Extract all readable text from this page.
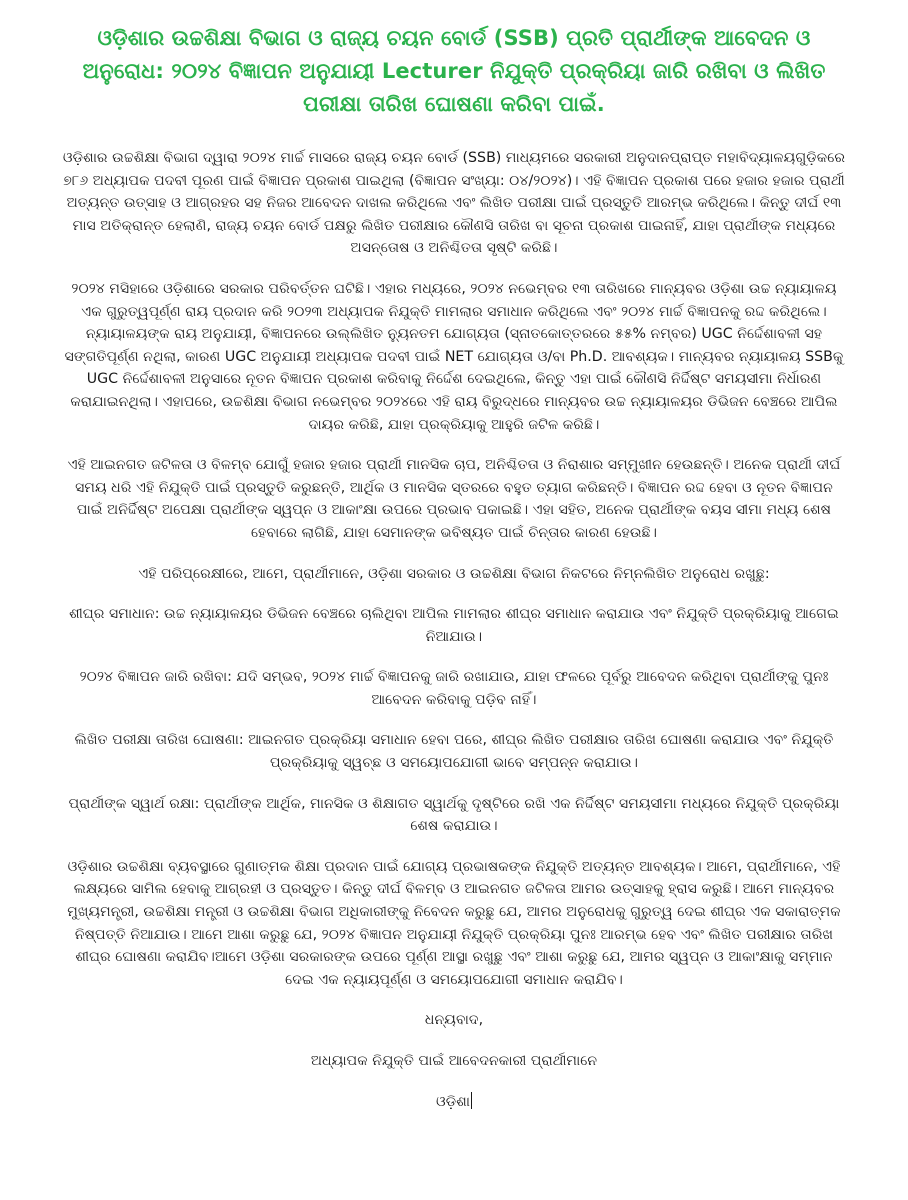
ଓଡ଼ିଶାର ଉଚ୍ଚଶିକ୍ଷା ବିଭାଗ ଓ ରାଜ୍ୟ ଚୟନ ବୋର୍ଡ (SSB) ପ୍ରତି ପ୍ରାର୍ଥୀଙ୍କ ଆବେଦନ ଓ ଅନୁରୋଧ: ୨୦୨୪ ବିଜ୍ଞାପନ ଅନୁଯାୟୀ Lecturer ନିଯୁକ୍ତି ପ୍ରକ୍ରିୟା ଜାରି ରଖିବା ଓ ଲିଖିତ ପରୀକ୍ଷା ତାରିଖ ଘୋଷଣା କରିବା ପାଇଁ.

ଓଡ଼ିଶାର ଉଚ୍ଚଶିକ୍ଷା ବିଭାଗ ଦ୍ୱାରା ୨୦୨୪ ମାର୍ଚ୍ଚ ମାସରେ ରାଜ୍ୟ ଚୟନ ବୋର୍ଡ (SSB) ମାଧ୍ୟମରେ ସରକାରୀ ଅନୁଦାନପ୍ରାପ୍ତ ମହାବିଦ୍ୟାଳୟଗୁଡ଼ିକରେ ୭୮୬ ଅଧ୍ୟାପକ ପଦବୀ ପୂରଣ ପାଇଁ ବିଜ୍ଞାପନ ପ୍ରକାଶ ପାଇଥିଲା (ବିଜ୍ଞାପନ ସଂଖ୍ୟା: ୦୪/୨୦୨୪)। ଏହି ବିଜ୍ଞାପନ ପ୍ରକାଶ ପରେ ହଜାର ହଜାର ପ୍ରାର୍ଥୀ ଅତ୍ୟନ୍ତ ଉତ୍ସାହ ଓ ଆଗ୍ରହର ସହ ନିଜର ଆବେଦନ ଦାଖଲ କରିଥିଲେ ଏବଂ ଲିଖିତ ପରୀକ୍ଷା ପାଇଁ ପ୍ରସ୍ତୁତି ଆରମ୍ଭ କରିଥିଲେ। କିନ୍ତୁ ଦୀର୍ଘ ୧୩ ମାସ ଅତିକ୍ରାନ୍ତ ହେଲାଣି, ରାଜ୍ୟ ଚୟନ ବୋର୍ଡ ପକ୍ଷରୁ ଲିଖିତ ପରୀକ୍ଷାର କୌଣସି ତାରିଖ ବା ସୂଚନା ପ୍ରକାଶ ପାଇନାହିଁ, ଯାହା ପ୍ରାର୍ଥୀଙ୍କ ମଧ୍ୟରେ ଅସନ୍ତୋଷ ଓ ଅନିଶ୍ଚିତତା ସୃଷ୍ଟି କରିଛି।

୨୦୨୪ ମସିହାରେ ଓଡ଼ିଶାରେ ସରକାର ପରିବର୍ତ୍ତନ ଘଟିଛି। ଏହାର ମଧ୍ୟରେ, ୨୦୨୪ ନଭେମ୍ବର ୧୩ ତାରିଖରେ ମାନ୍ୟବର ଓଡ଼ିଶା ଉଚ୍ଚ ନ୍ୟାୟାଳୟ ଏକ ଗୁରୁତ୍ୱପୂର୍ଣ୍ଣ ରାୟ ପ୍ରଦାନ କରି ୨୦୨୩ ଅଧ୍ୟାପକ ନିଯୁକ୍ତି ମାମଲାର ସମାଧାନ କରିଥିଲେ ଏବଂ ୨୦୨୪ ମାର୍ଚ୍ଚ ବିଜ୍ଞାପନକୁ ରଦ୍ଦ କରିଥିଲେ। ନ୍ୟାୟାଳୟଙ୍କ ରାୟ ଅନୁଯାୟୀ, ବିଜ୍ଞାପନରେ ଉଲ୍ଲିଖିତ ନ୍ୟୁନତମ ଯୋଗ୍ୟତା (ସ୍ନାତକୋତ୍ତରରେ ୫୫% ନମ୍ବର) UGC ନିର୍ଦ୍ଦେଶାବଳୀ ସହ ସଙ୍ଗତିପୂର୍ଣ୍ଣ ନଥିଲା, କାରଣ UGC ଅନୁଯାୟୀ ଅଧ୍ୟାପକ ପଦବୀ ପାଇଁ NET ଯୋଗ୍ୟତା ଓ/ବା Ph.D. ଆବଶ୍ୟକ। ମାନ୍ୟବର ନ୍ୟାୟାଳୟ SSBକୁ UGC ନିର୍ଦ୍ଦେଶାବଳୀ ଅନୁସାରେ ନୂତନ ବିଜ୍ଞାପନ ପ୍ରକାଶ କରିବାକୁ ନିର୍ଦ୍ଦେଶ ଦେଇଥିଲେ, କିନ୍ତୁ ଏହା ପାଇଁ କୌଣସି ନିର୍ଦ୍ଦିଷ୍ଟ ସମୟସୀମା ନିର୍ଧାରଣ କରାଯାଇନଥିଲା। ଏହାପରେ, ଉଚ୍ଚଶିକ୍ଷା ବିଭାଗ ନଭେମ୍ବର ୨୦୨୪ରେ ଏହି ରାୟ ବିରୁଦ୍ଧରେ ମାନ୍ୟବର ଉଚ୍ଚ ନ୍ୟାୟାଳୟର ଡିଭିଜନ ବେଞ୍ଚରେ ଆପିଲ ଦାୟର କରିଛି, ଯାହା ପ୍ରକ୍ରିୟାକୁ ଆହୁରି ଜଟିଳ କରିଛି।

ଏହି ଆଇନଗତ ଜଟିଳତା ଓ ବିଳମ୍ବ ଯୋଗୁଁ ହଜାର ହଜାର ପ୍ରାର୍ଥୀ ମାନସିକ ଚାପ, ଅନିଶ୍ଚିତତା ଓ ନିରାଶାର ସମ୍ମୁଖୀନ ହେଉଛନ୍ତି। ଅନେକ ପ୍ରାର୍ଥୀ ଦୀର୍ଘ ସମୟ ଧରି ଏହି ନିଯୁକ୍ତି ପାଇଁ ପ୍ରସ୍ତୁତି କରୁଛନ୍ତି, ଆର୍ଥିକ ଓ ମାନସିକ ସ୍ତରରେ ବହୁତ ତ୍ୟାଗ କରିଛନ୍ତି। ବିଜ୍ଞାପନ ରଦ୍ଦ ହେବା ଓ ନୂତନ ବିଜ୍ଞାପନ ପାଇଁ ଅନିର୍ଦ୍ଦିଷ୍ଟ ଅପେକ୍ଷା ପ୍ରାର୍ଥୀଙ୍କ ସ୍ୱପ୍ନ ଓ ଆକାଂକ୍ଷା ଉପରେ ପ୍ରଭାବ ପକାଇଛି। ଏହା ସହିତ, ଅନେକ ପ୍ରାର୍ଥୀଙ୍କ ବୟସ ସୀମା ମଧ୍ୟ ଶେଷ ହେବାରେ ଲାଗିଛି, ଯାହା ସେମାନଙ୍କ ଭବିଷ୍ୟତ ପାଇଁ ଚିନ୍ତାର କାରଣ ହେଉଛି।

ଏହି ପରିପ୍ରେକ୍ଷୀରେ, ଆମେ, ପ୍ରାର୍ଥୀମାନେ, ଓଡ଼ିଶା ସରକାର ଓ ଉଚ୍ଚଶିକ୍ଷା ବିଭାଗ ନିକଟରେ ନିମ୍ନଲିଖିତ ଅନୁରୋଧ ରଖୁଛୁ:

ଶୀଘ୍ର ସମାଧାନ: ଉଚ୍ଚ ନ୍ୟାୟାଳୟର ଡିଭିଜନ ବେଞ୍ଚରେ ଚାଲିଥିବା ଆପିଲ ମାମଲାର ଶୀଘ୍ର ସମାଧାନ କରାଯାଉ ଏବଂ ନିଯୁକ୍ତି ପ୍ରକ୍ରିୟାକୁ ଆଗେଇ ନିଆଯାଉ।

୨୦୨୪ ବିଜ୍ଞାପନ ଜାରି ରଖିବା: ଯଦି ସମ୍ଭବ, ୨୦୨୪ ମାର୍ଚ୍ଚ ବିଜ୍ଞାପନକୁ ଜାରି ରଖାଯାଉ, ଯାହା ଫଳରେ ପୂର୍ବରୁ ଆବେଦନ କରିଥିବା ପ୍ରାର୍ଥୀଙ୍କୁ ପୁନଃ ଆବେଦନ କରିବାକୁ ପଡ଼ିବ ନାହିଁ।

ଲିଖିତ ପରୀକ୍ଷା ତାରିଖ ଘୋଷଣା: ଆଇନଗତ ପ୍ରକ୍ରିୟା ସମାଧାନ ହେବା ପରେ, ଶୀଘ୍ର ଲିଖିତ ପରୀକ୍ଷାର ତାରିଖ ଘୋଷଣା କରାଯାଉ ଏବଂ ନିଯୁକ୍ତି ପ୍ରକ୍ରିୟାକୁ ସ୍ୱଚ୍ଛ ଓ ସମୟୋପଯୋଗୀ ଭାବେ ସମ୍ପନ୍ନ କରାଯାଉ।

ପ୍ରାର୍ଥୀଙ୍କ ସ୍ୱାର୍ଥ ରକ୍ଷା: ପ୍ରାର୍ଥୀଙ୍କ ଆର୍ଥିକ, ମାନସିକ ଓ ଶିକ୍ଷାଗତ ସ୍ୱାର୍ଥକୁ ଦୃଷ୍ଟିରେ ରଖି ଏକ ନିର୍ଦ୍ଦିଷ୍ଟ ସମୟସୀମା ମଧ୍ୟରେ ନିଯୁକ୍ତି ପ୍ରକ୍ରିୟା ଶେଷ କରାଯାଉ।

ଓଡ଼ିଶାର ଉଚ୍ଚଶିକ୍ଷା ବ୍ୟବସ୍ଥାରେ ଗୁଣାତ୍ମକ ଶିକ୍ଷା ପ୍ରଦାନ ପାଇଁ ଯୋଗ୍ୟ ପ୍ରଭାଷକଙ୍କ ନିଯୁକ୍ତି ଅତ୍ୟନ୍ତ ଆବଶ୍ୟକ। ଆମେ, ପ୍ରାର୍ଥୀମାନେ, ଏହି ଲକ୍ଷ୍ୟରେ ସାମିଲ ହେବାକୁ ଆଗ୍ରହୀ ଓ ପ୍ରସ୍ତୁତ। କିନ୍ତୁ ଦୀର୍ଘ ବିଳମ୍ବ ଓ ଆଇନଗତ ଜଟିଳତା ଆମର ଉତ୍ସାହକୁ ହ୍ରାସ କରୁଛି। ଆମେ ମାନ୍ୟବର ମୁଖ୍ୟମନ୍ତ୍ରୀ, ଉଚ୍ଚଶିକ୍ଷା ମନ୍ତ୍ରୀ ଓ ଉଚ୍ଚଶିକ୍ଷା ବିଭାଗ ଅଧିକାରୀଙ୍କୁ ନିବେଦନ କରୁଛୁ ଯେ, ଆମର ଅନୁରୋଧକୁ ଗୁରୁତ୍ୱ ଦେଇ ଶୀଘ୍ର ଏକ ସକାରାତ୍ମକ ନିଷ୍ପତ୍ତି ନିଆଯାଉ। ଆମେ ଆଶା କରୁଛୁ ଯେ, ୨୦୨୪ ବିଜ୍ଞାପନ ଅନୁଯାୟୀ ନିଯୁକ୍ତି ପ୍ରକ୍ରିୟା ପୁନଃ ଆରମ୍ଭ ହେବ ଏବଂ ଲିଖିତ ପରୀକ୍ଷାର ତାରିଖ ଶୀଘ୍ର ଘୋଷଣା କରାଯିବ।ଆମେ ଓଡ଼ିଶା ସରକାରଙ୍କ ଉପରେ ପୂର୍ଣ୍ଣ ଆସ୍ଥା ରଖୁଛୁ ଏବଂ ଆଶା କରୁଛୁ ଯେ, ଆମର ସ୍ୱପ୍ନ ଓ ଆକାଂକ୍ଷାକୁ ସମ୍ମାନ ଦେଇ ଏକ ନ୍ୟାୟପୂର୍ଣ୍ଣ ଓ ସମୟୋପଯୋଗୀ ସମାଧାନ କରାଯିବ।

ଧନ୍ୟବାଦ,

ଅଧ୍ୟାପକ ନିଯୁକ୍ତି ପାଇଁ ଆବେଦନକାରୀ ପ୍ରାର୍ଥୀମାନେ

ଓଡ଼ିଶା
